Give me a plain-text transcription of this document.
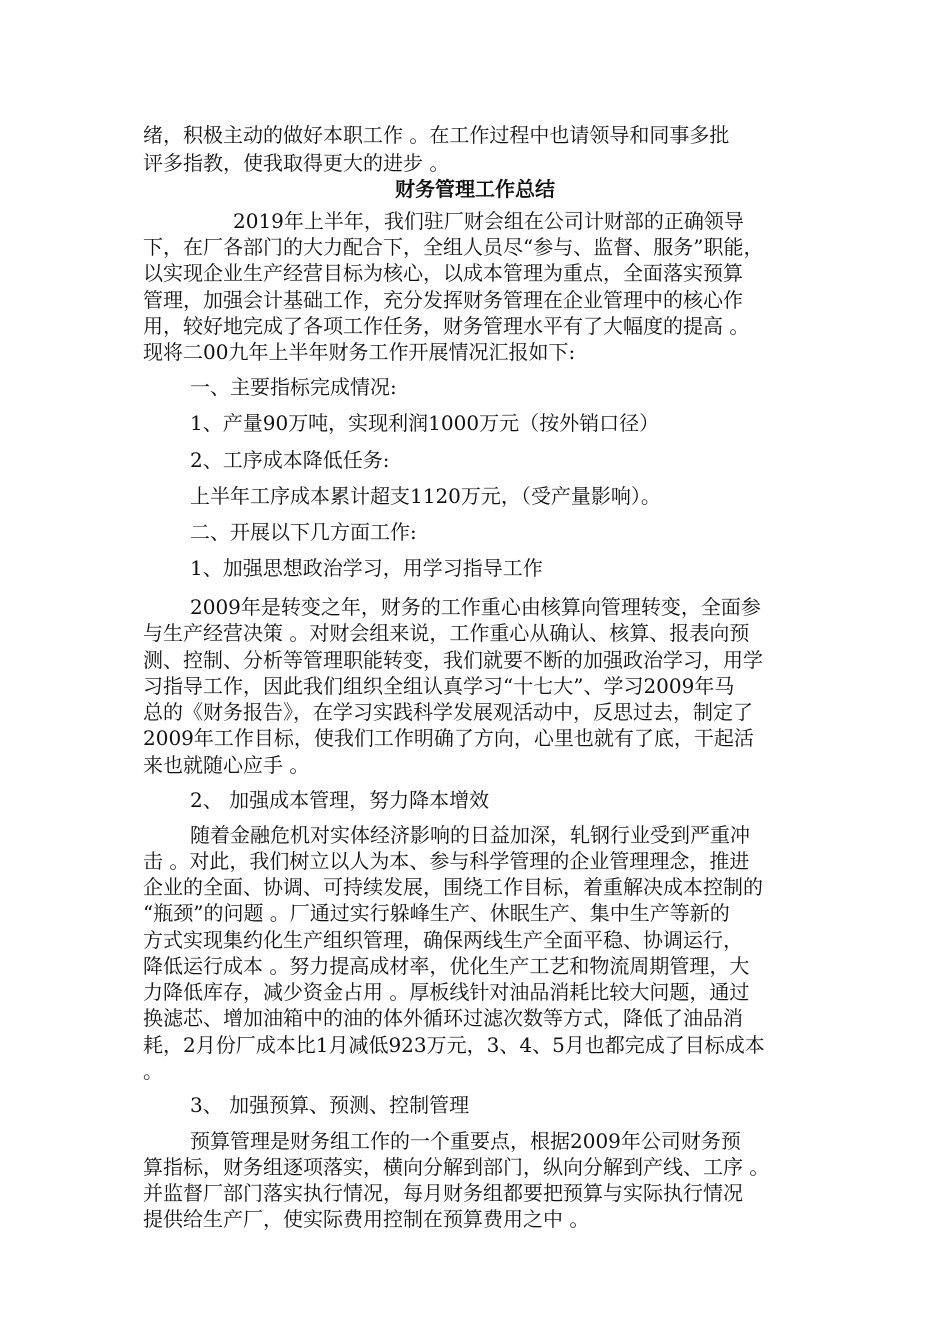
绪，积极主动的做好本职工作 。在工作过程中也请领导和同事多批
评多指教，使我取得更大的进步 。
财务管理工作总结
2019年上半年，我们驻厂财会组在公司计财部的正确领导
下，在厂各部门的大力配合下，全组人员尽“参与、监督、服务”职能，
以实现企业生产经营目标为核心，以成本管理为重点，全面落实预算
管理，加强会计基础工作，充分发挥财务管理在企业管理中的核心作
用，较好地完成了各项工作任务，财务管理水平有了大幅度的提高 。
现将二00九年上半年财务工作开展情况汇报如下:
一、主要指标完成情况:
1、产量90万吨，实现利润1000万元（按外销口径）
2、工序成本降低任务:
上半年工序成本累计超支1120万元，（受产量影响）。
二、开展以下几方面工作:
1、加强思想政治学习，用学习指导工作
2009年是转变之年，财务的工作重心由核算向管理转变，全面参
与生产经营决策 。对财会组来说，工作重心从确认、核算、报表向预
测、控制、分析等管理职能转变，我们就要不断的加强政治学习，用学
习指导工作，因此我们组织全组认真学习“十七大”、学习2009年马
总的《财务报告》，在学习实践科学发展观活动中，反思过去，制定了
2009年工作目标，使我们工作明确了方向，心里也就有了底，干起活
来也就随心应手 。
2、 加强成本管理，努力降本增效
随着金融危机对实体经济影响的日益加深，轧钢行业受到严重冲
击 。对此，我们树立以人为本、参与科学管理的企业管理理念，推进
企业的全面、协调、可持续发展，围绕工作目标，着重解决成本控制的
“瓶颈”的问题 。厂通过实行躲峰生产、休眠生产、集中生产等新的
方式实现集约化生产组织管理，确保两线生产全面平稳、协调运行，
降低运行成本 。努力提高成材率，优化生产工艺和物流周期管理，大
力降低库存，减少资金占用 。厚板线针对油品消耗比较大问题，通过
换滤芯、增加油箱中的油的体外循环过滤次数等方式，降低了油品消
耗，2月份厂成本比1月减低923万元，3、4、5月也都完成了目标成本
。
3、 加强预算、预测、控制管理
预算管理是财务组工作的一个重要点，根据2009年公司财务预
算指标，财务组逐项落实，横向分解到部门，纵向分解到产线、工序 。
并监督厂部门落实执行情况，每月财务组都要把预算与实际执行情况
提供给生产厂，使实际费用控制在预算费用之中 。
